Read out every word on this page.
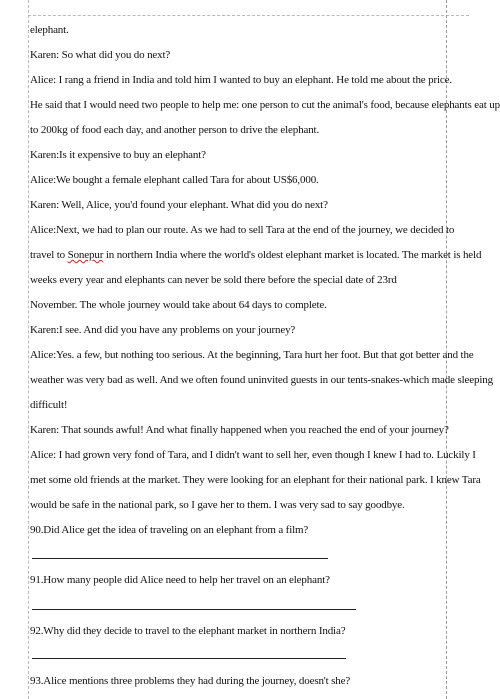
elephant.
Karen: So what did you do next?
Alice: I rang a friend in India and told him I wanted to buy an elephant. He told me about the price.
He said that I would need two people to help me: one person to cut the animal's food, because elephants eat up
to 200kg of food each day, and another person to drive the elephant.
Karen:Is it expensive to buy an elephant?
Alice:We bought a female elephant called Tara for about US$6,000.
Karen: Well, Alice, you'd found your elephant. What did you do next?
Alice:Next, we had to plan our route. As we had to sell Tara at the end of the journey, we decided to
travel to Sonepur in northern India where the world's oldest elephant market is located. The market is held
weeks every year and elephants can never be sold there before the special date of 23rd
November. The whole journey would take about 64 days to complete.
Karen:I see. And did you have any problems on your journey?
Alice:Yes. a few, but nothing too serious. At the beginning, Tara hurt her foot. But that got better and the
weather was very bad as well. And we often found uninvited guests in our tents-snakes-which made sleeping
difficult!
Karen: That sounds awful! And what finally happened when you reached the end of your journey?
Alice: I had grown very fond of Tara, and I didn't want to sell her, even though I knew I had to. Luckily I
met some old friends at the market. They were looking for an elephant for their national park. I knew Tara
would be safe in the national park, so I gave her to them. I was very sad to say goodbye.
90.Did Alice get the idea of traveling on an elephant from a film?
91.How many people did Alice need to help her travel on an elephant?
92.Why did they decide to travel to the elephant market in northern India?
93.Alice mentions three problems they had during the journey, doesn't she?
